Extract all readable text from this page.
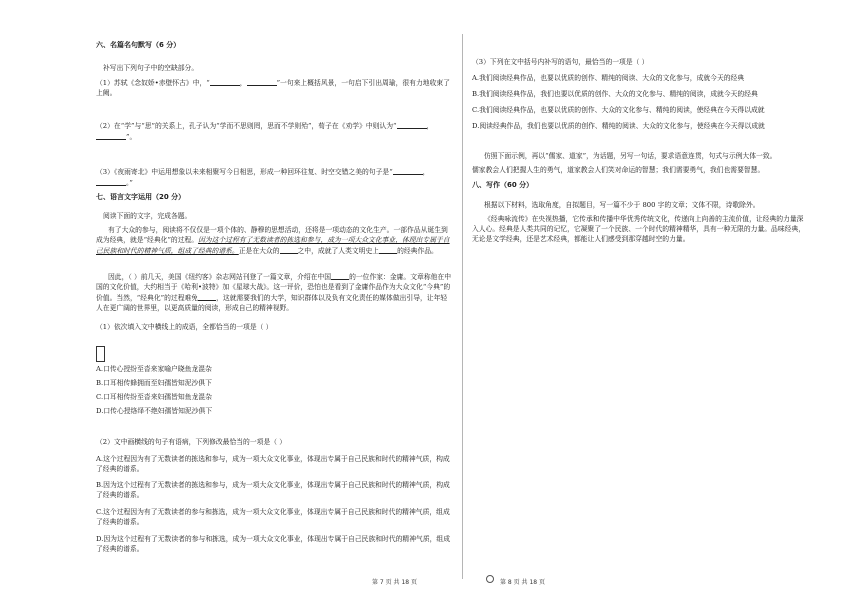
六、名篇名句默写（6 分）

补写出下列句子中的空缺部分。

（1）苏轼《念奴娇•赤壁怀古》中，“	，	”一句来上概括风景，一句启下引出周瑜，很有力地收束了上阙。

（2）在“学”与“思”的关系上，孔子认为“学而不思则罔，思而不学则殆”，荀子在《劝学》中则认为“	，”。

（3）《夜雨寄北》中运用想象以未来相聚写今日相思，形成一种回环往复、时空交错之美的句子是“	，。”

七、语言文字运用（20 分）

阅读下面的文字，完成各题。

有了大众的参与，阅读将不仅仅是一项个体的、静穆的思想活动，还将是一项动态的文化生产。一部作品从诞生到成为经典，就是“经典化”的过程。因为这个过程有了无数读者的拣选和参与，成为一项大众文化事业，体现出专属于自己民族和时代的精神气质，组成了经典的谱系。正是在大众的	之中，成就了人类文明史上	的经典作品。

因此，（ ）前几天，美国《纽约客》杂志网站刊登了一篇文章，介绍在中国	的一位作家：金庸。文章称他在中国的文化价值，大约相当于《哈利•波特》加《星球大战》。这一评价，恐怕也是看到了金庸作品作为大众文化“今典”的价值。当然，“经典化”的过程难免	，这就需要我们的大学，知识群体以及负有文化责任的媒体做出引导，让年轻人在更广阔的世界里，以更高质量的阅读，形成自己的精神视野。

（1）依次填入文中横线上的成语，全都恰当的一项是（ ）

A.口传心授纷至沓来家喻户晓鱼龙混杂

B.口耳相传蜂拥而至妇孺皆知泥沙俱下

C.口耳相传纷至沓来妇孺皆知鱼龙混杂

D.口传心授络绎不绝妇孺皆知泥沙俱下

（2）文中画横线的句子有语病，下列修改最恰当的一项是（ ）

A.这个过程因为有了无数读者的拣选和参与，成为一项大众文化事业，体现出专属于自己民族和时代的精神气质，构成了经典的谱系。

B.因为这个过程有了无数读者的拣选和参与，成为一项大众文化事业，体现出专属于自己民族和时代的精神气质，构成了经典的谱系。

C.这个过程因为有了无数读者的参与和拣选，成为一项大众文化事业，体现出专属于自己民族和时代的精神气质，组成了经典的谱系。

D.因为这个过程有了无数读者的参与和拣选，成为一项大众文化事业，体现出专属于自己民族和时代的精神气质，组成了经典的谱系。

（3）下列在文中括号内补写的语句，最恰当的一项是（ ）

A.我们阅读经典作品，也要以优质的创作、精纯的阅读、大众的文化参与，成就今天的经典

B.我们阅读经典作品，我们也要以优质的创作、大众的文化参与、精纯的阅读，成就今天的经典

C.我们阅读经典作品，也要以优质的创作、大众的文化参与、精纯的阅读，使经典在今天得以成就

D.阅读经典作品，我们也要以优质的创作、精纯的阅读、大众的文化参与，使经典在今天得以成就

仿照下面示例，再以“儒家、道家”，为话题，另写一句话，要求语意连贯，句式与示例大体一致。

儒家教会人们把握人生的勇气，道家教会人们笑对命运的智慧；我们需要勇气，我们也需要智慧。

八、写作（60 分）

根据以下材料，选取角度，自拟题目，写一篇不少于 800 字的文章；文体不限，诗歌除外。

《经典咏流传》在央视热播，它传承和传播中华优秀传统文化，传递向上向善的主流价值，让经典的力量深入人心。经典是人类共同的记忆，它凝聚了一个民族、一个时代的精神精华，具有一种无限的力量。品味经典，无论是文学经典，还是艺术经典，都能让人们感受到那穿越时空的力量。

第 7 页 共 18 页	第 8 页 共 18 页
